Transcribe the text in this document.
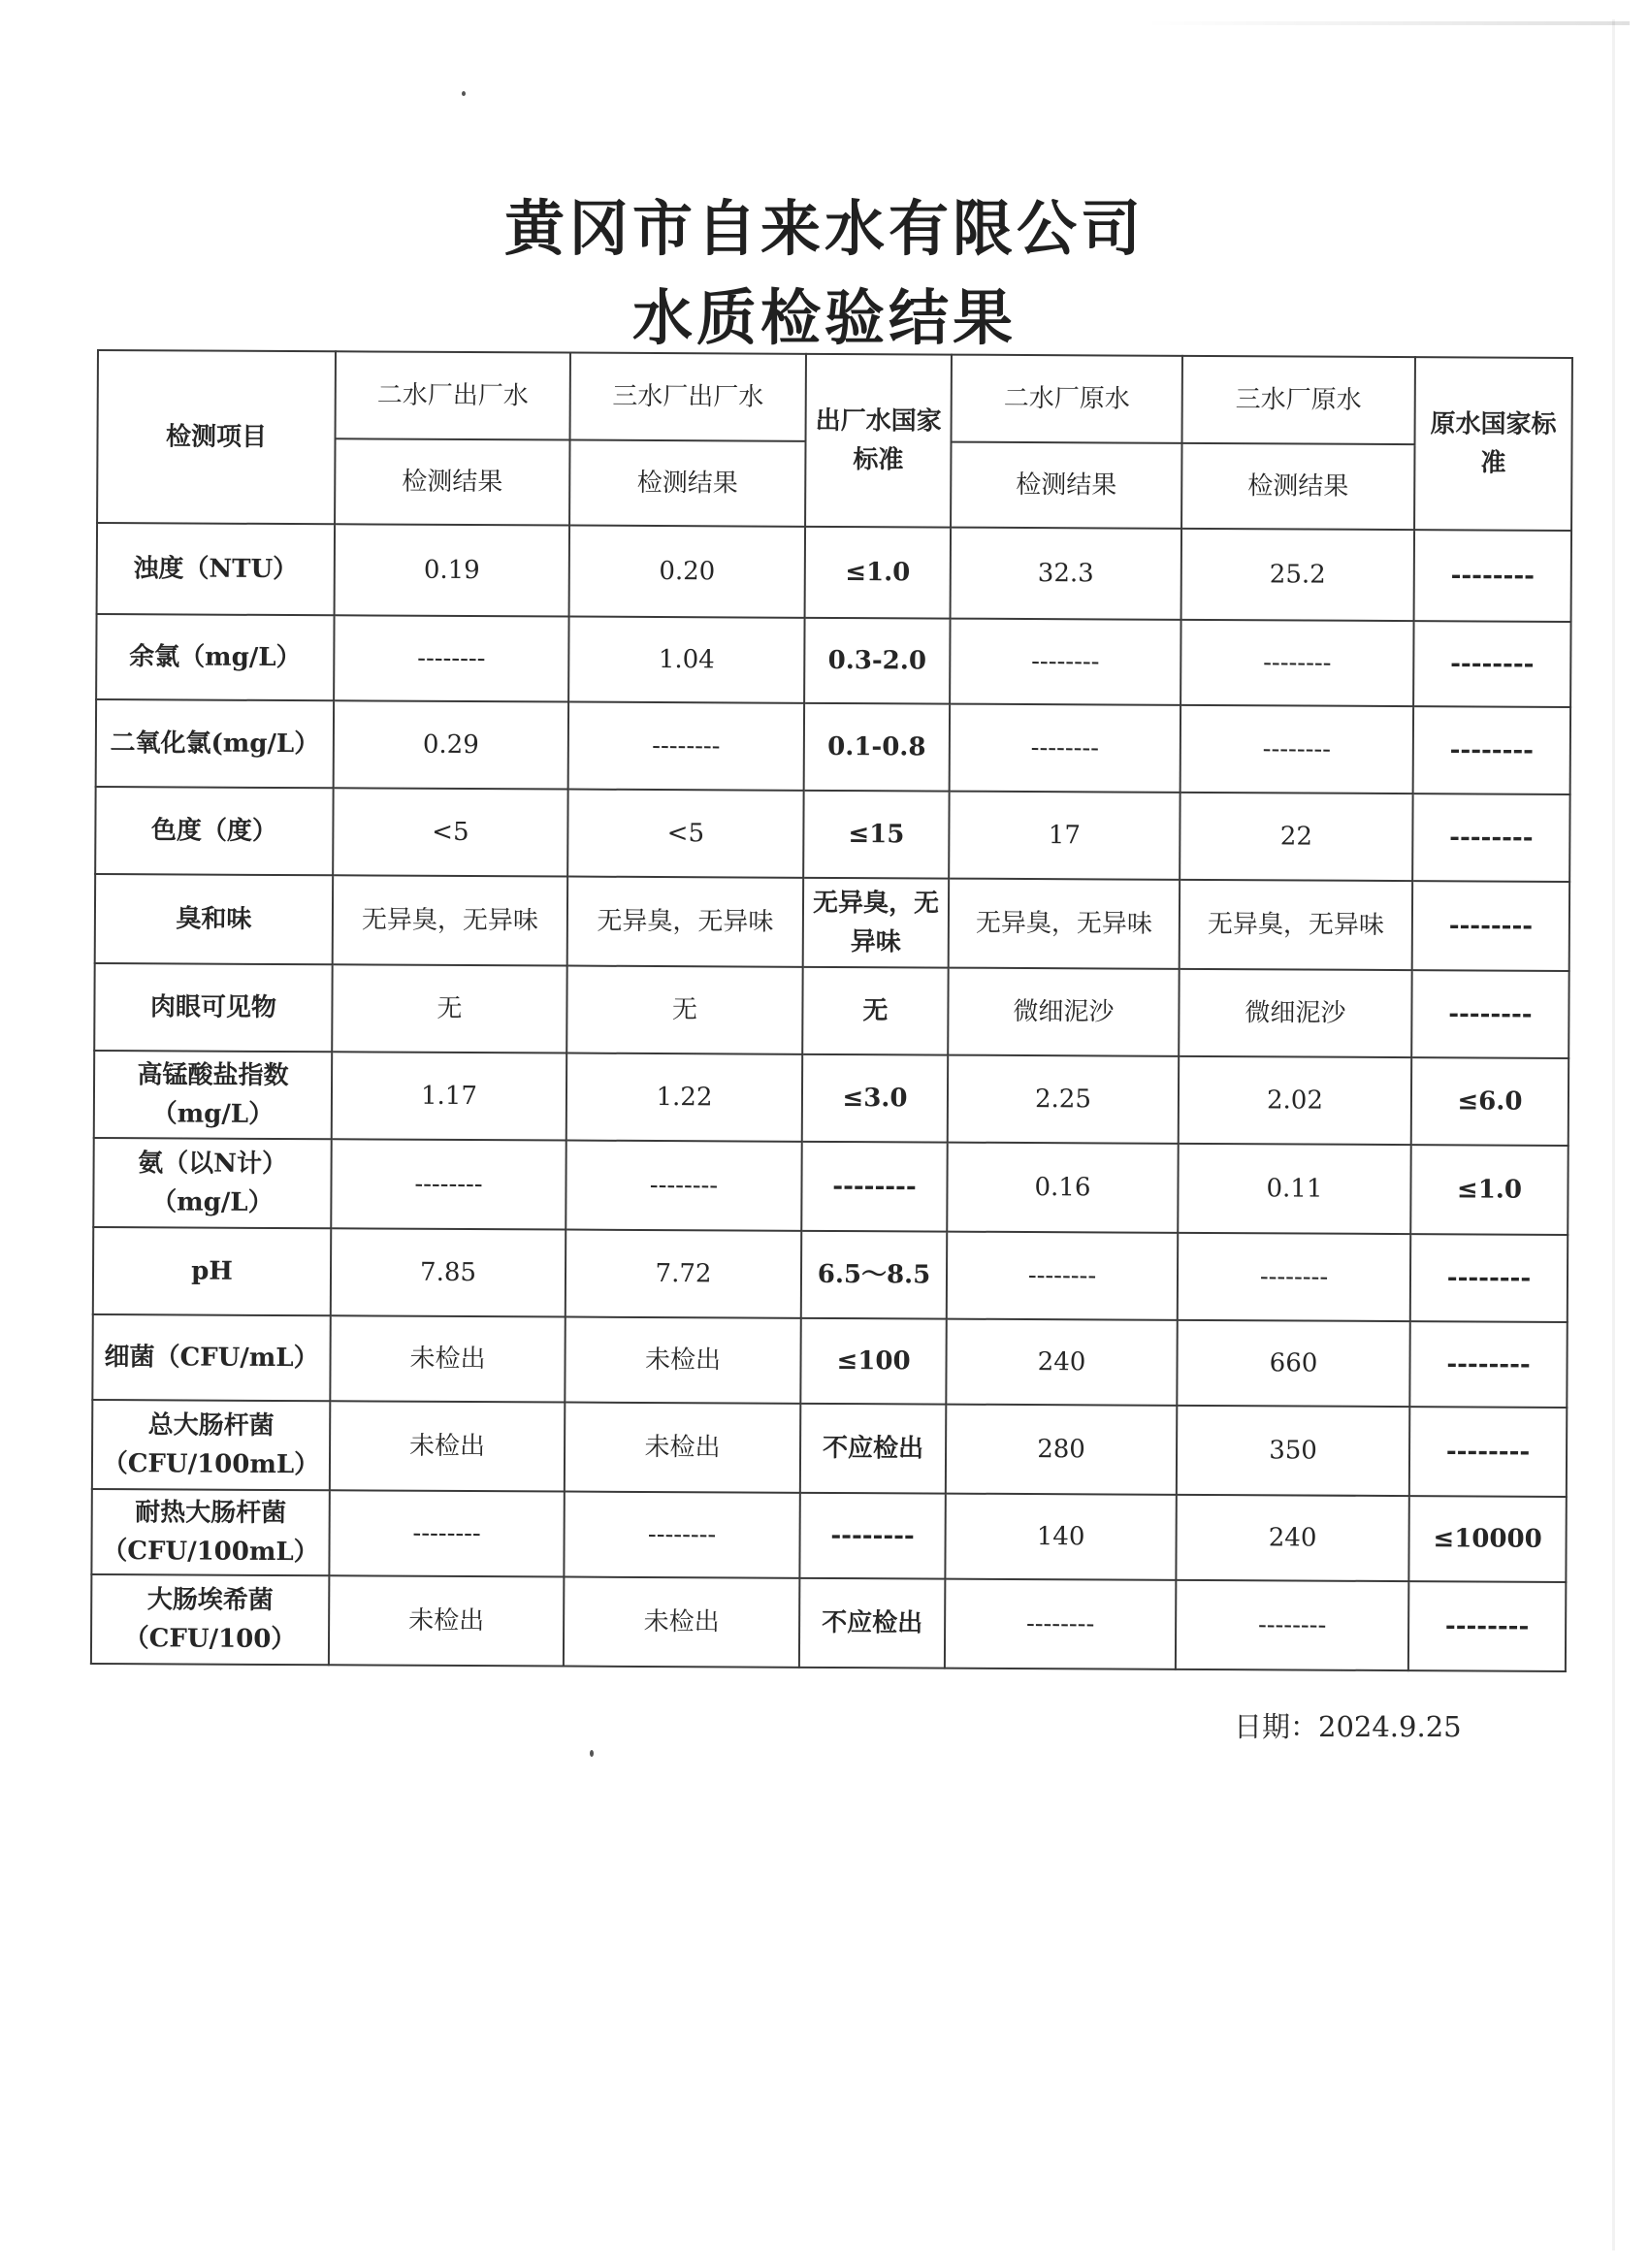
黄冈市自来水有限公司
水质检验结果
检测项目	二水厂出厂水	三水厂出厂水	出厂水国家标准	二水厂原水	三水厂原水	原水国家标准
	检测结果	检测结果		检测结果	检测结果	
浊度（NTU）	0.19	0.20	≤1.0	32.3	25.2	--------
余氯（mg/L）	--------	1.04	0.3-2.0	--------	--------	--------
二氧化氯(mg/L）	0.29	--------	0.1-0.8	--------	--------	--------
色度（度）	<5	<5	≤15	17	22	--------
臭和味	无异臭，无异味	无异臭，无异味	无异臭，无异味	无异臭，无异味	无异臭，无异味	--------
肉眼可见物	无	无	无	微细泥沙	微细泥沙	--------
高锰酸盐指数（mg/L）	1.17	1.22	≤3.0	2.25	2.02	≤6.0
氨（以N计）（mg/L）	--------	--------	--------	0.16	0.11	≤1.0
pH	7.85	7.72	6.5～8.5	--------	--------	--------
细菌（CFU/mL）	未检出	未检出	≤100	240	660	--------
总大肠杆菌（CFU/100mL）	未检出	未检出	不应检出	280	350	--------
耐热大肠杆菌（CFU/100mL）	--------	--------	--------	140	240	≤10000
大肠埃希菌（CFU/100）	未检出	未检出	不应检出	--------	--------	--------
日期：2024.9.25
